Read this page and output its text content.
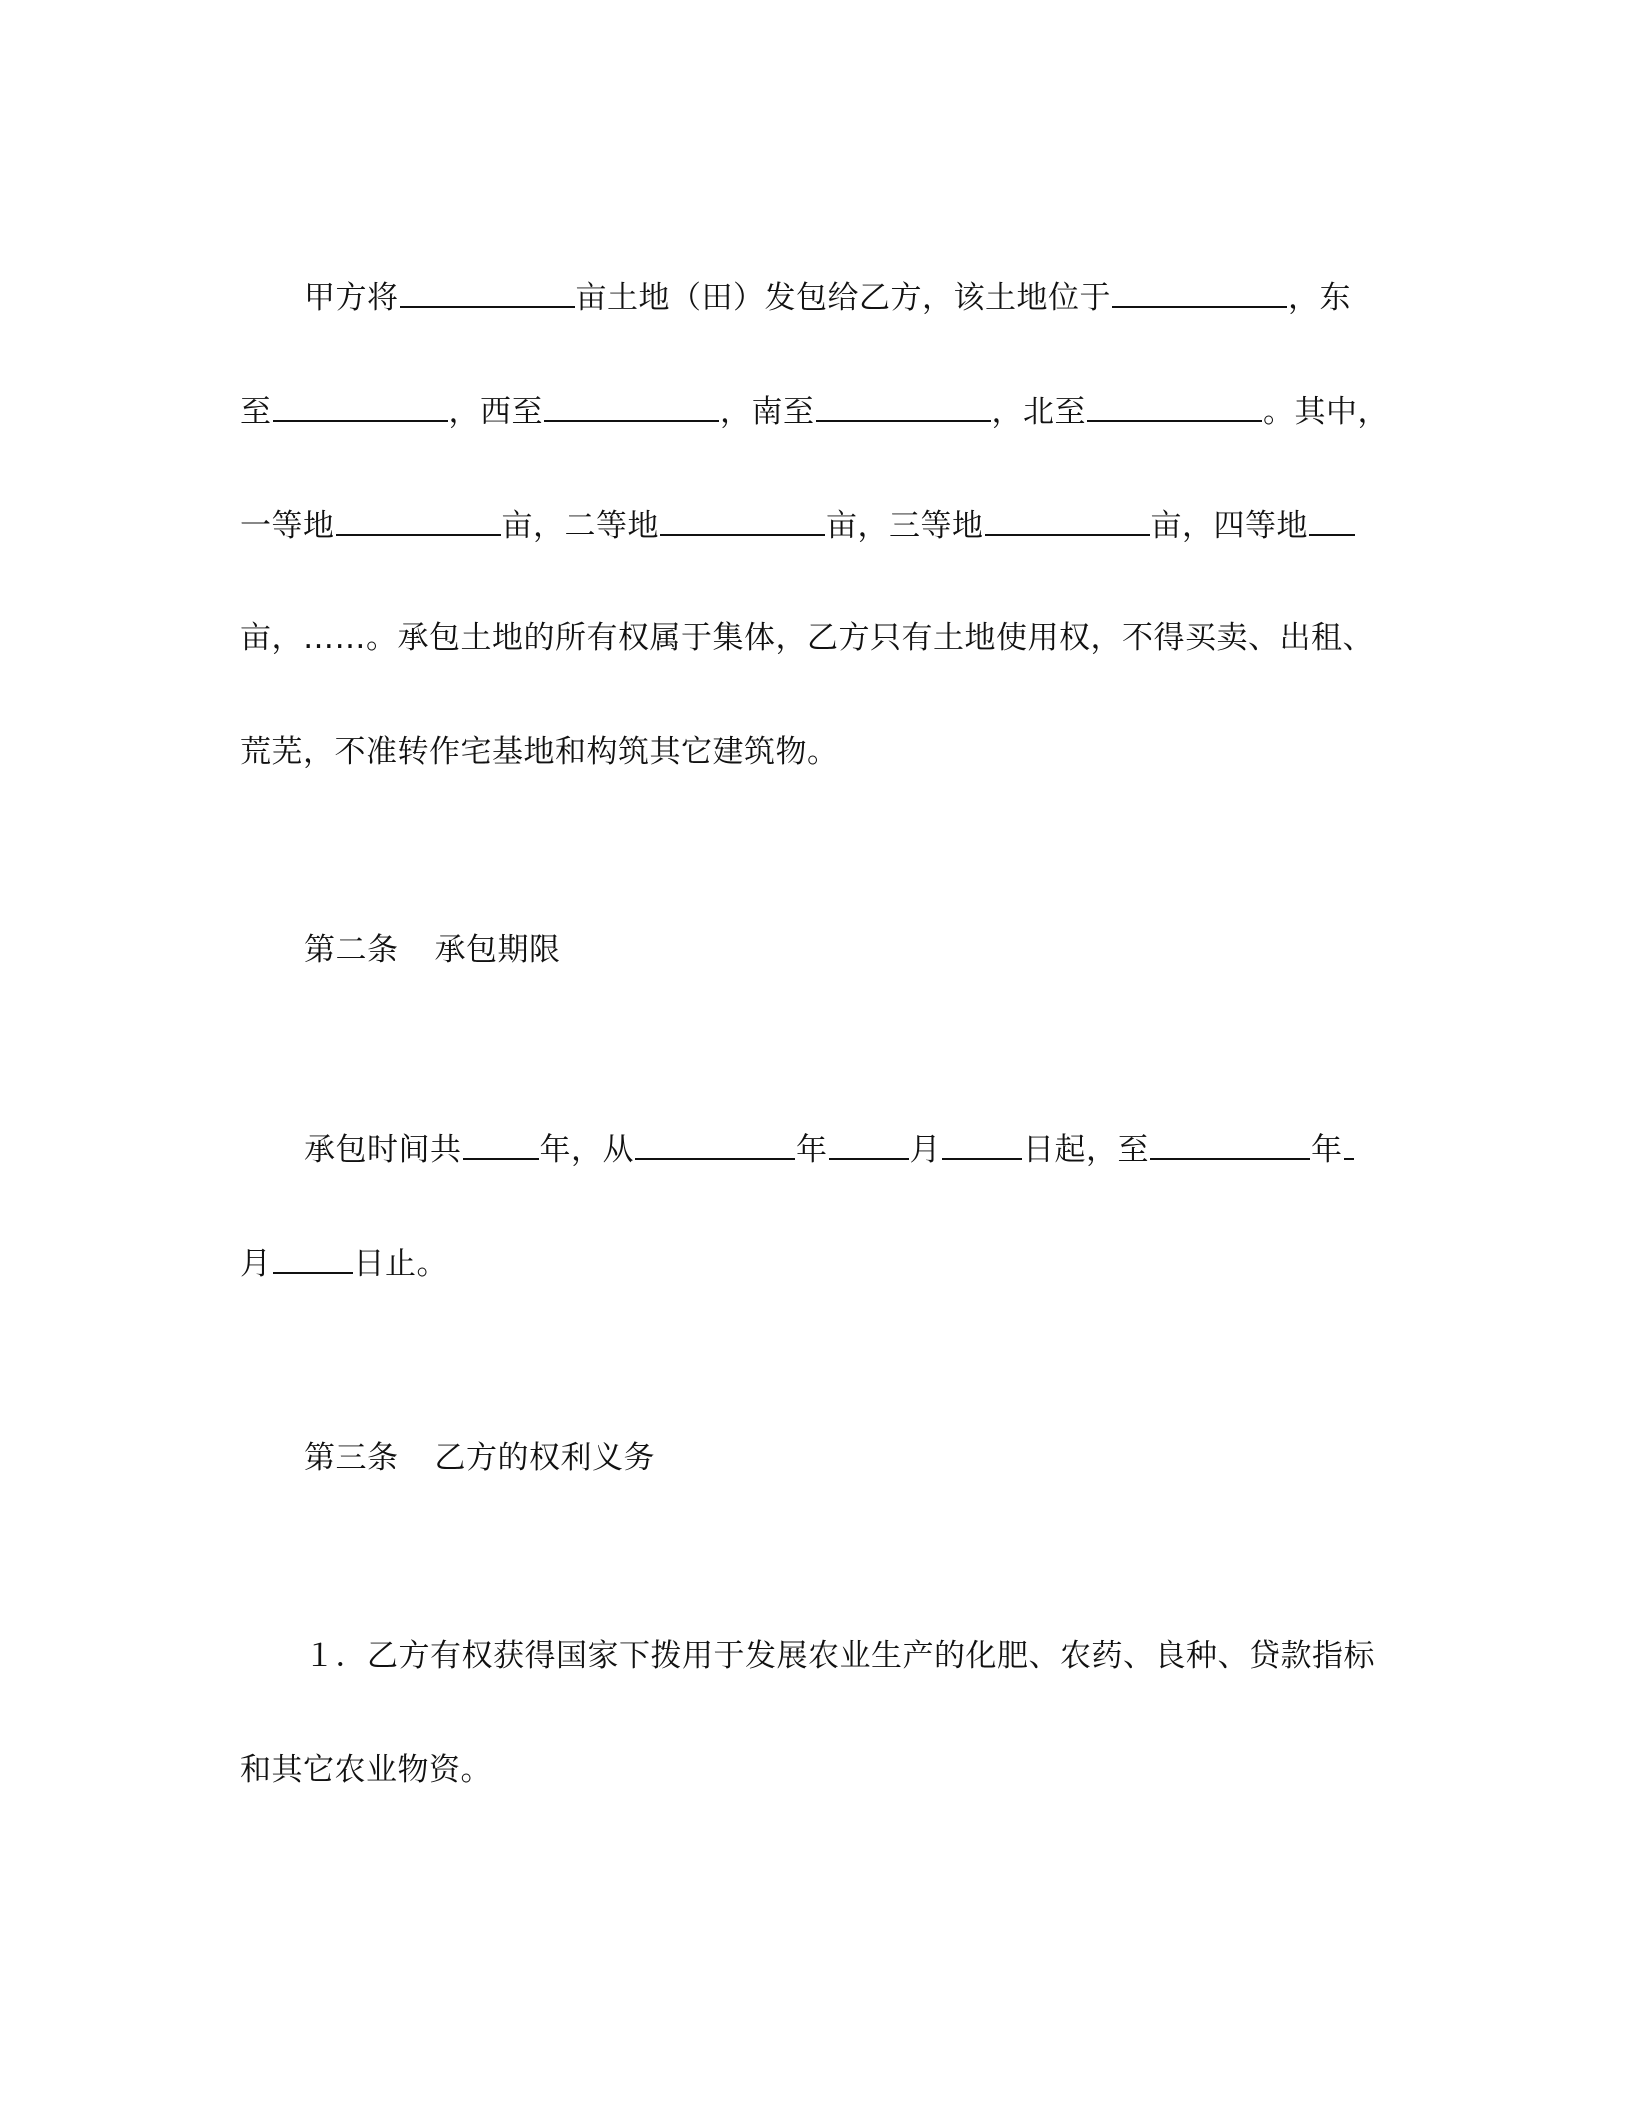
甲方将	亩土地（田）发包给乙方，该土地位于	，东
至	，西至	，南至	，北至	。其中，
一等地	亩，二等地	亩，三等地	亩，四等地
亩，……。承包土地的所有权属于集体，乙方只有土地使用权，不得买卖、出租、
荒芜，不准转作宅基地和构筑其它建筑物。
第二条 承包期限
承包时间共	年，从	年	月	日起，至	年
月	日止。
第三条 乙方的权利义务
１．乙方有权获得国家下拨用于发展农业生产的化肥、农药、良种、贷款指标
和其它农业物资。
